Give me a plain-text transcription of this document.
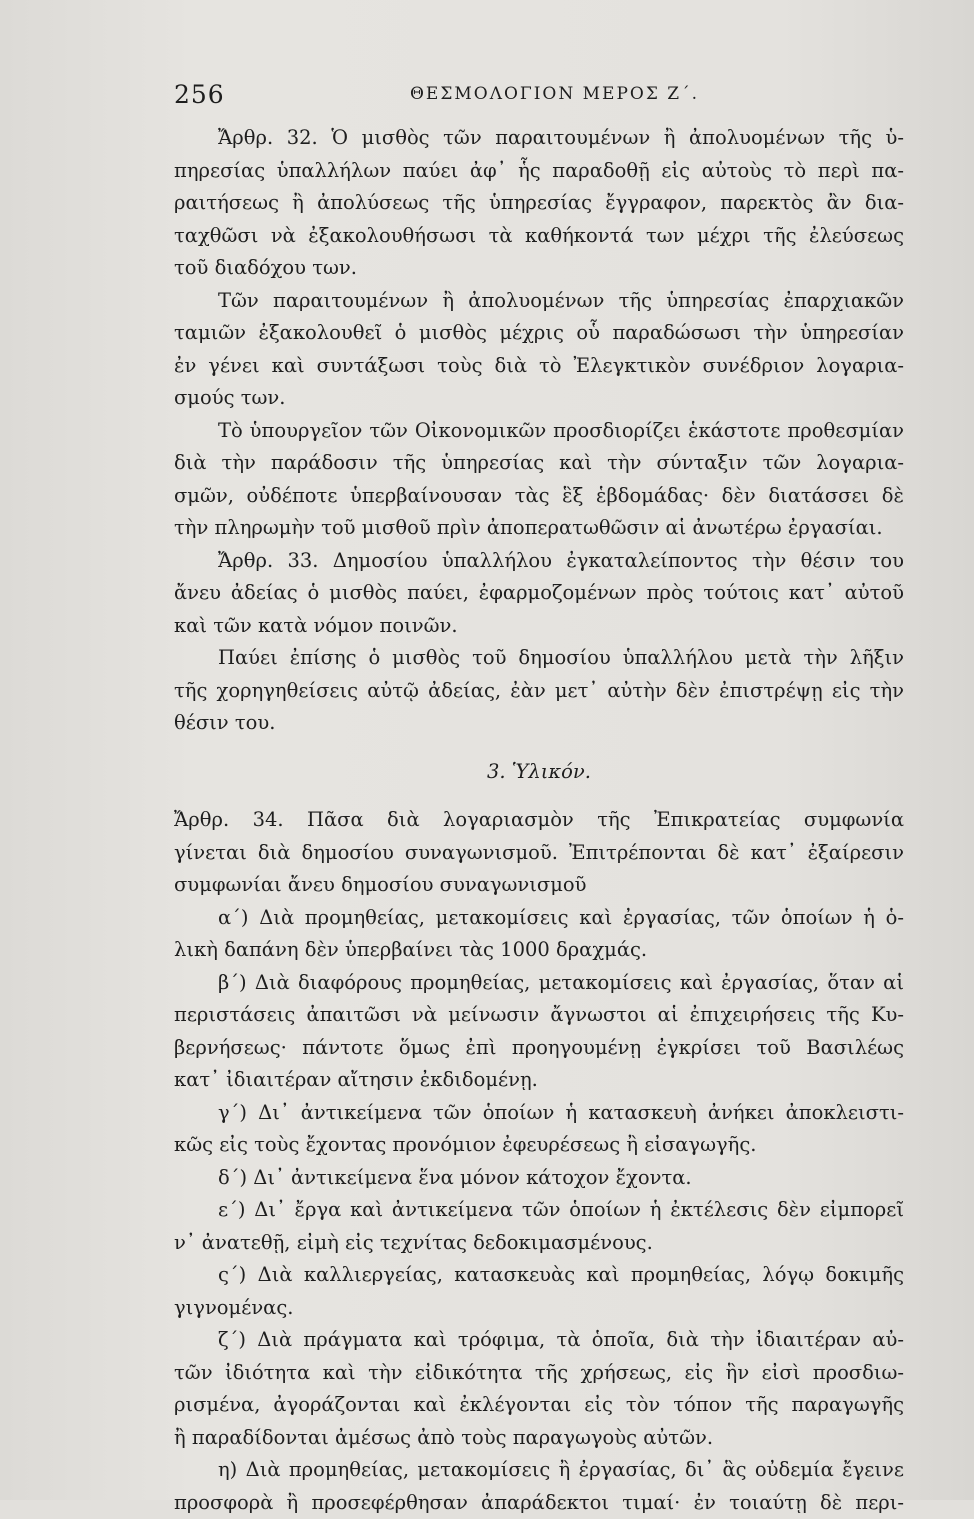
256	ΘΕΣΜΟΛΟΓΙΟΝ ΜΕΡΟΣ Ζ΄.
Ἄρθρ. 32. Ὁ μισθὸς τῶν παραιτουμένων ἢ ἀπολυομένων τῆς ὑ-
πηρεσίας ὑπαλλήλων παύει ἀφ᾽ ἧς παραδοθῇ εἰς αὐτοὺς τὸ περὶ πα-
ραιτήσεως ἢ ἀπολύσεως τῆς ὑπηρεσίας ἔγγραφον, παρεκτὸς ἂν δια-
ταχθῶσι νὰ ἐξακολουθήσωσι τὰ καθήκοντά των μέχρι τῆς ἐλεύσεως
τοῦ διαδόχου των.
Τῶν παραιτουμένων ἢ ἀπολυομένων τῆς ὑπηρεσίας ἐπαρχιακῶν
ταμιῶν ἐξακολουθεῖ ὁ μισθὸς μέχρις οὗ παραδώσωσι τὴν ὑπηρεσίαν
ἐν γένει καὶ συντάξωσι τοὺς διὰ τὸ Ἐλεγκτικὸν συνέδριον λογαρια-
σμούς των.
Τὸ ὑπουργεῖον τῶν Οἰκονομικῶν προσδιορίζει ἑκάστοτε προθεσμίαν
διὰ τὴν παράδοσιν τῆς ὑπηρεσίας καὶ τὴν σύνταξιν τῶν λογαρια-
σμῶν, οὐδέποτε ὑπερβαίνουσαν τὰς ἓξ ἑβδομάδας· δὲν διατάσσει δὲ
τὴν πληρωμὴν τοῦ μισθοῦ πρὶν ἀποπερατωθῶσιν αἱ ἀνωτέρω ἐργασίαι.
Ἄρθρ. 33. Δημοσίου ὑπαλλήλου ἐγκαταλείποντος τὴν θέσιν του
ἄνευ ἀδείας ὁ μισθὸς παύει, ἐφαρμοζομένων πρὸς τούτοις κατ᾽ αὐτοῦ
καὶ τῶν κατὰ νόμον ποινῶν.
Παύει ἐπίσης ὁ μισθὸς τοῦ δημοσίου ὑπαλλήλου μετὰ τὴν λῆξιν
τῆς χορηγηθείσεις αὐτῷ ἀδείας, ἐὰν μετ᾽ αὐτὴν δὲν ἐπιστρέψῃ εἰς τὴν
θέσιν του.
3. Ὑλικόν.
Ἄρθρ. 34. Πᾶσα διὰ λογαριασμὸν τῆς Ἐπικρατείας συμφωνία
γίνεται διὰ δημοσίου συναγωνισμοῦ. Ἐπιτρέπονται δὲ κατ᾽ ἐξαίρεσιν
συμφωνίαι ἄνευ δημοσίου συναγωνισμοῦ
α΄) Διὰ προμηθείας, μετακομίσεις καὶ ἐργασίας, τῶν ὁποίων ἡ ὁ-
λικὴ δαπάνη δὲν ὑπερβαίνει τὰς 1000 δραχμάς.
β΄) Διὰ διαφόρους προμηθείας, μετακομίσεις καὶ ἐργασίας, ὅταν αἱ
περιστάσεις ἀπαιτῶσι νὰ μείνωσιν ἄγνωστοι αἱ ἐπιχειρήσεις τῆς Κυ-
βερνήσεως· πάντοτε ὅμως ἐπὶ προηγουμένῃ ἐγκρίσει τοῦ Βασιλέως
κατ᾽ ἰδιαιτέραν αἴτησιν ἐκδιδομένῃ.
γ΄) Δι᾽ ἀντικείμενα τῶν ὁποίων ἡ κατασκευὴ ἀνήκει ἀποκλειστι-
κῶς εἰς τοὺς ἔχοντας προνόμιον ἐφευρέσεως ἢ εἰσαγωγῆς.
δ΄) Δι᾽ ἀντικείμενα ἕνα μόνον κάτοχον ἔχοντα.
ε΄) Δι᾽ ἔργα καὶ ἀντικείμενα τῶν ὁποίων ἡ ἐκτέλεσις δὲν εἰμπορεῖ
ν᾽ ἀνατεθῇ, εἰμὴ εἰς τεχνίτας δεδοκιμασμένους.
ς΄) Διὰ καλλιεργείας, κατασκευὰς καὶ προμηθείας, λόγῳ δοκιμῆς
γιγνομένας.
ζ΄) Διὰ πράγματα καὶ τρόφιμα, τὰ ὁποῖα, διὰ τὴν ἰδιαιτέραν αὐ-
τῶν ἰδιότητα καὶ τὴν εἰδικότητα τῆς χρήσεως, εἰς ἣν εἰσὶ προσδιω-
ρισμένα, ἀγοράζονται καὶ ἐκλέγονται εἰς τὸν τόπον τῆς παραγωγῆς
ἢ παραδίδονται ἀμέσως ἀπὸ τοὺς παραγωγοὺς αὐτῶν.
η) Διὰ προμηθείας, μετακομίσεις ἢ ἐργασίας, δι᾽ ἃς οὐδεμία ἔγεινε
προσφορὰ ἢ προσεφέρθησαν ἀπαράδεκτοι τιμαί· ἐν τοιαύτῃ δὲ περι-
